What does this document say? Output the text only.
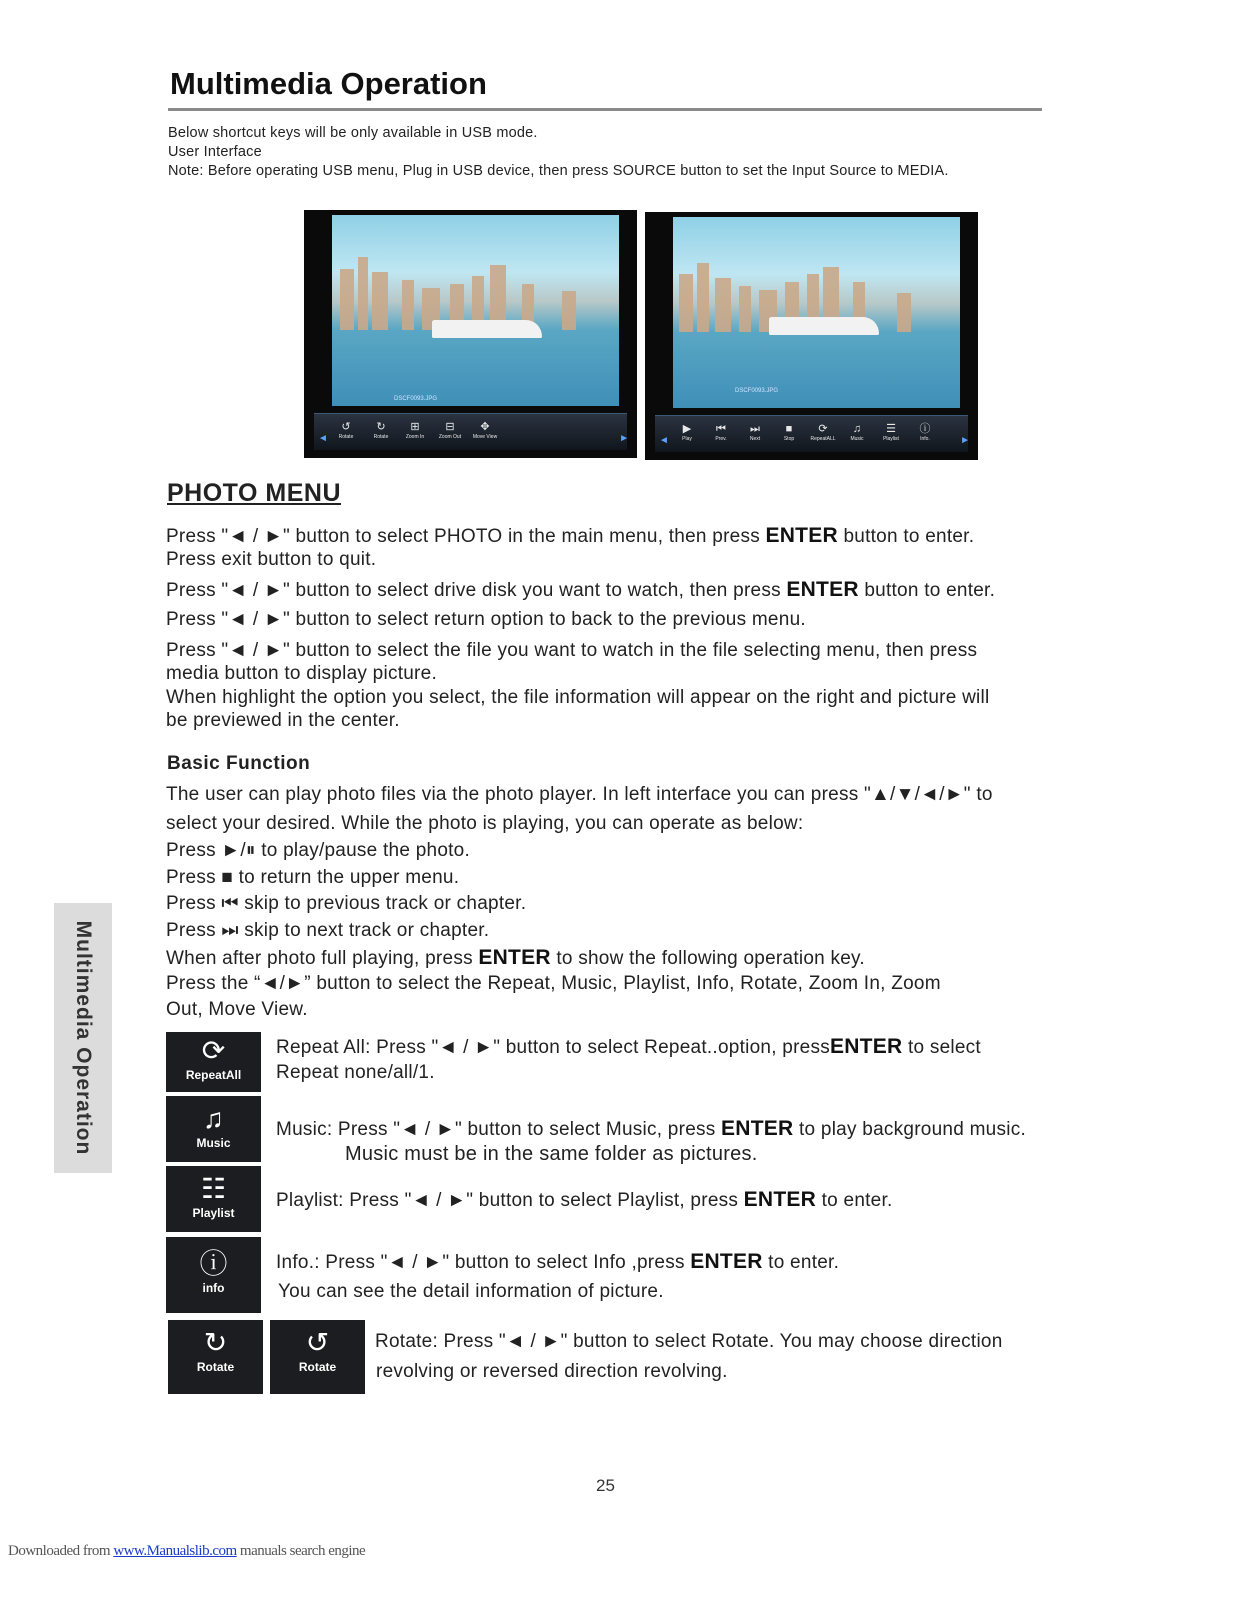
Multimedia Operation
Below shortcut keys will be only available in USB mode.
User Interface
Note: Before operating USB menu, Plug in USB device, then press SOURCE button to set the Input Source to MEDIA.
DSCF0093.JPG
◄	►
↺
Rotate
↻
Rotate
⊞
Zoom In
⊟
Zoom Out
✥
Move View
DSCF0093.JPG
◄	►
▶
Play
⏮
Prev.
⏭
Next
■
Stop
⟳
RepeatALL
♫
Music
☰
Playlist
ⓘ
Info.
PHOTO MENU
Press "◄ / ►" button to select PHOTO in the main menu, then press ENTER button to enter.
Press exit button to quit.
Press "◄ / ►" button to select drive disk you want to watch, then press ENTER button to enter.
Press "◄ / ►" button to select return option to back to the previous menu.
Press "◄ / ►" button to select the file you want to watch in the file selecting menu, then press
media button to display picture.
When highlight the option you select, the file information will appear on the right and picture will
be previewed in the center.
Basic Function
The user can play photo files via the photo player. In left interface you can press "▲/▼/◄/►" to
select your desired. While the photo is playing, you can operate as below:
Press ►/⏸ to play/pause the photo.
Press ■ to return the upper menu.
Press ⏮ skip to previous track or chapter.
Press ⏭ skip to next track or chapter.
When after photo full playing, press ENTER to show the following operation key.
Press the “◄/►” button to select the Repeat, Music, Playlist, Info, Rotate, Zoom In, Zoom
Out, Move View.
⟳
RepeatAll
Repeat All: Press "◄ / ►" button to select Repeat..option, pressENTER to select
Repeat none/all/1.
♫
Music
Music: Press "◄ / ►" button to select Music, press ENTER to play background music.
Music must be in the same folder as pictures.
☷
Playlist
Playlist: Press "◄ / ►" button to select Playlist, press ENTER to enter.
ⓘ
info
Info.: Press "◄ / ►" button to select Info ,press ENTER to enter.
You can see the detail information of picture.
↻
Rotate
↺
Rotate
Rotate: Press "◄ / ►" button to select Rotate. You may choose direction
revolving or reversed direction revolving.
Multimedia Operation
25
Downloaded from www.Manualslib.com manuals search engine
